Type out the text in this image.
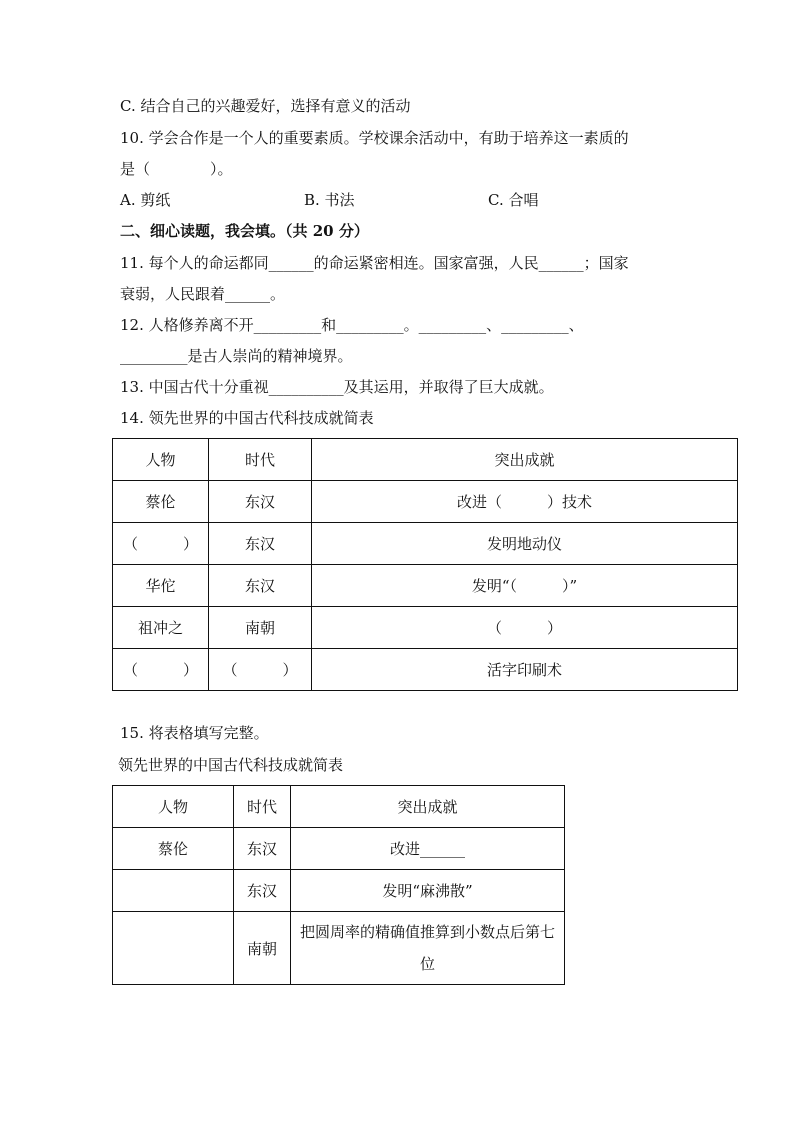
C. 结合自己的兴趣爱好，选择有意义的活动
10. 学会合作是一个人的重要素质。学校课余活动中，有助于培养这一素质的
是（　　　　）。
A. 剪纸	B. 书法	C. 合唱
二、细心读题，我会填。（共 20 分）
11. 每个人的命运都同______的命运紧密相连。国家富强，人民______；国家
衰弱，人民跟着______。
12. 人格修养离不开_________和_________。_________、_________、
_________是古人崇尚的精神境界。
13. 中国古代十分重视__________及其运用，并取得了巨大成就。
14. 领先世界的中国古代科技成就简表
人物	时代	突出成就
蔡伦	东汉	改进（　　　）技术
（　　　）	东汉	发明地动仪
华佗	东汉	发明“（　　　）”
祖冲之	南朝	（　　　）
（　　　）	（　　　）	活字印刷术
15. 将表格填写完整。
领先世界的中国古代科技成就简表
人物	时代	突出成就
蔡伦	东汉	改进______
	东汉	发明“麻沸散”
	南朝	把圆周率的精确值推算到小数点后第七位
